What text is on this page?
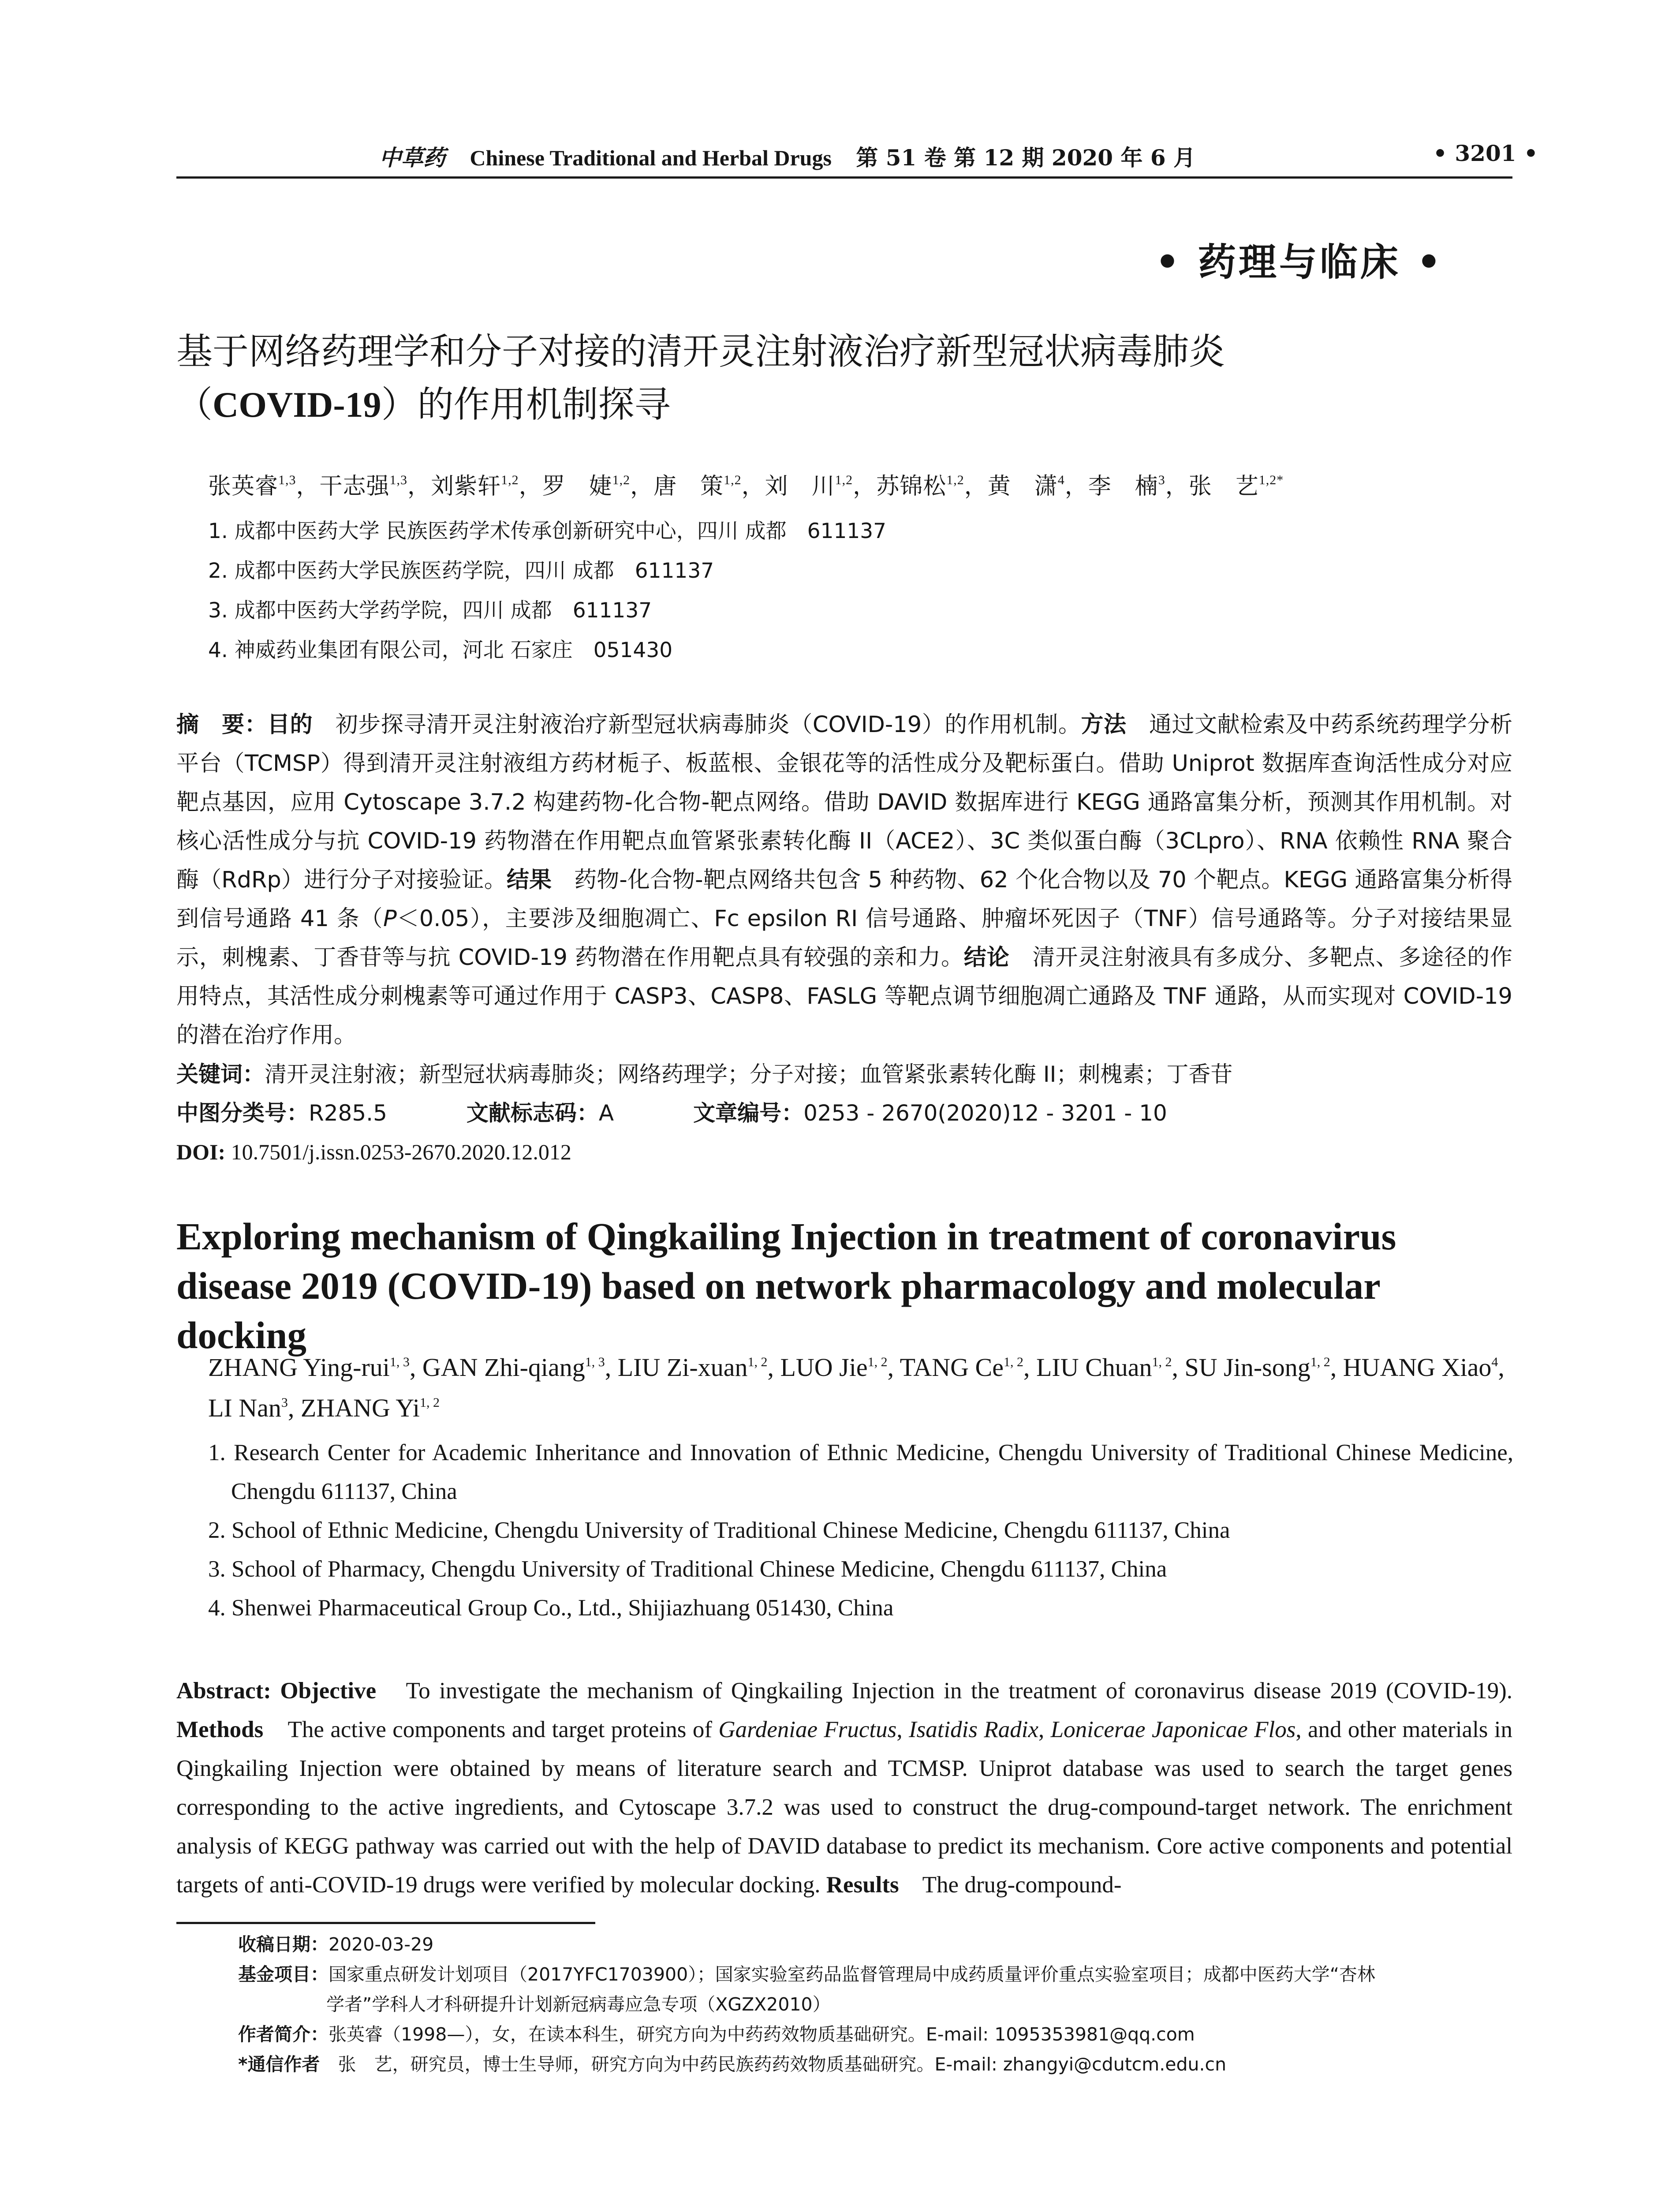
中草药 Chinese Traditional and Herbal Drugs 第 51 卷 第 12 期 2020 年 6 月	• 3201 •
• 药理与临床 •
基于网络药理学和分子对接的清开灵注射液治疗新型冠状病毒肺炎
（COVID-19）的作用机制探寻
张英睿$^{1,3}$，干志强$^{1,3}$，刘紫轩$^{1,2}$，罗　婕$^{1,2}$，唐　策$^{1,2}$，刘　川$^{1,2}$，苏锦松$^{1,2}$，黄　潇$^4$，李　楠$^3$，张　艺$^{1,2*}$
1. 成都中医药大学 民族医药学术传承创新研究中心，四川 成都　611137
2. 成都中医药大学民族医药学院，四川 成都　611137
3. 成都中医药大学药学院，四川 成都　611137
4. 神威药业集团有限公司，河北 石家庄　051430

摘　要：目的　初步探寻清开灵注射液治疗新型冠状病毒肺炎（COVID-19）的作用机制。方法　通过文献检索及中药系统药理学分析平台（TCMSP）得到清开灵注射液组方药材栀子、板蓝根、金银花等的活性成分及靶标蛋白。借助 Uniprot 数据库查询活性成分对应靶点基因，应用 Cytoscape 3.7.2 构建药物-化合物-靶点网络。借助 DAVID 数据库进行 KEGG 通路富集分析，预测其作用机制。对核心活性成分与抗 COVID-19 药物潜在作用靶点血管紧张素转化酶 II（ACE2）、3C 类似蛋白酶（3CLpro）、RNA 依赖性 RNA 聚合酶（RdRp）进行分子对接验证。结果　药物-化合物-靶点网络共包含 5 种药物、62 个化合物以及 70 个靶点。KEGG 通路富集分析得到信号通路 41 条（P＜0.05），主要涉及细胞凋亡、Fc epsilon RI 信号通路、肿瘤坏死因子（TNF）信号通路等。分子对接结果显示，刺槐素、丁香苷等与抗 COVID-19 药物潜在作用靶点具有较强的亲和力。结论　清开灵注射液具有多成分、多靶点、多途径的作用特点，其活性成分刺槐素等可通过作用于 CASP3、CASP8、FASLG 等靶点调节细胞凋亡通路及 TNF 通路，从而实现对 COVID-19 的潜在治疗作用。

关键词：清开灵注射液；新型冠状病毒肺炎；网络药理学；分子对接；血管紧张素转化酶 II；刺槐素；丁香苷

中图分类号：R285.5	文献标志码：A	文章编号：0253 - 2670(2020)12 - 3201 - 10

DOI: 10.7501/j.issn.0253-2670.2020.12.012

Exploring mechanism of Qingkailing Injection in treatment of coronavirus disease 2019 (COVID-19) based on network pharmacology and molecular docking
ZHANG Ying-rui$^{1, 3}$, GAN Zhi-qiang$^{1, 3}$, LIU Zi-xuan$^{1, 2}$, LUO Jie$^{1, 2}$, TANG Ce$^{1, 2}$, LIU Chuan$^{1, 2}$, SU Jin-song$^{1, 2}$, HUANG Xiao$^4$, LI Nan$^3$, ZHANG Yi$^{1, 2}$
1. Research Center for Academic Inheritance and Innovation of Ethnic Medicine, Chengdu University of Traditional Chinese Medicine, Chengdu 611137, China
2. School of Ethnic Medicine, Chengdu University of Traditional Chinese Medicine, Chengdu 611137, China
3. School of Pharmacy, Chengdu University of Traditional Chinese Medicine, Chengdu 611137, China
4. Shenwei Pharmaceutical Group Co., Ltd., Shijiazhuang 051430, China
Abstract: Objective　To investigate the mechanism of Qingkailing Injection in the treatment of coronavirus disease 2019 (COVID-19). Methods　The active components and target proteins of Gardeniae Fructus, Isatidis Radix, Lonicerae Japonicae Flos, and other materials in Qingkailing Injection were obtained by means of literature search and TCMSP. Uniprot database was used to search the target genes corresponding to the active ingredients, and Cytoscape 3.7.2 was used to construct the drug-compound-target network. The enrichment analysis of KEGG pathway was carried out with the help of DAVID database to predict its mechanism. Core active components and potential targets of anti-COVID-19 drugs were verified by molecular docking. Results　The drug-compound-
收稿日期： 2020-03-29
基金项目： 国家重点研发计划项目（2017YFC1703900）；国家实验室药品监督管理局中成药质量评价重点实验室项目；成都中医药大学“杏林
学者”学科人才科研提升计划新冠病毒应急专项（XGZX2010）
作者简介： 张英睿（1998—），女，在读本科生，研究方向为中药药效物质基础研究。E-mail: 1095353981@qq.com
*通信作者 　张　艺，研究员，博士生导师，研究方向为中药民族药药效物质基础研究。E-mail: zhangyi@cdutcm.edu.cn
